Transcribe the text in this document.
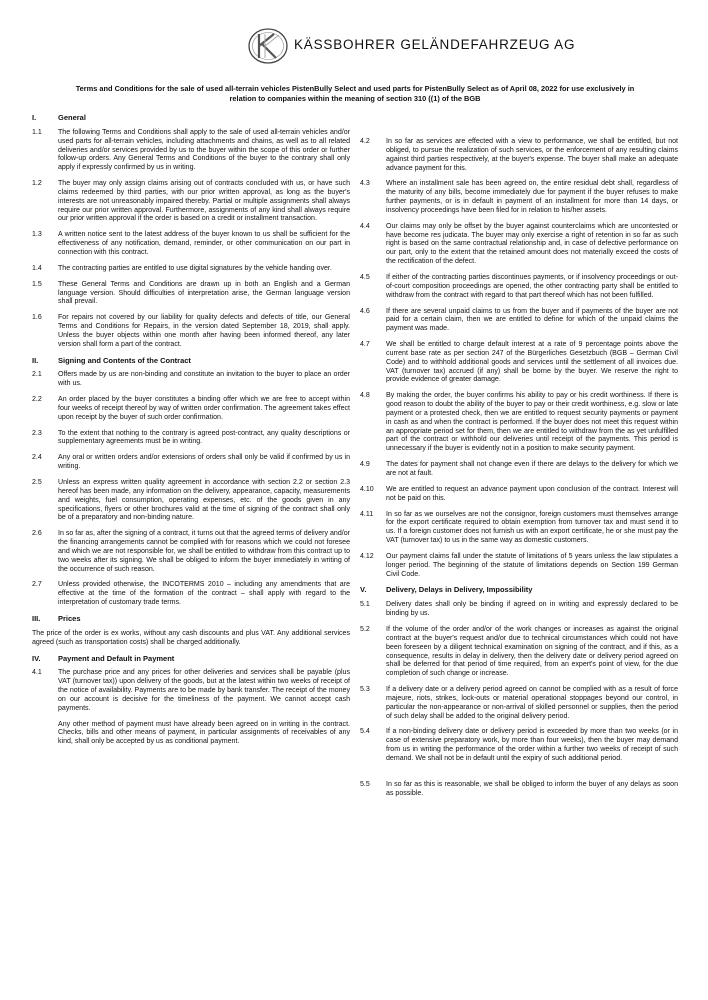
KÄSSBOHRER GELÄNDEFAHRZEUG AG
Terms and Conditions for the sale of used all-terrain vehicles PistenBully Select and used parts for PistenBully Select as of April 08, 2022 for use exclusively in relation to companies within the meaning of section 310 ((1) of the BGB
I.	General
1.1	The following Terms and Conditions shall apply to the sale of used all-terrain vehicles and/or used parts for all-terrain vehicles, including attachments and chains, as well as to all related deliveries and/or services provided by us to the buyer within the scope of this order or further follow-up orders. Any General Terms and Conditions of the buyer to the contrary shall only apply if expressly confirmed by us in writing.
1.2	The buyer may only assign claims arising out of contracts concluded with us, or have such claims redeemed by third parties, with our prior written approval, as long as the buyer's interests are not unreasonably impaired thereby. Partial or multiple assignments shall always require our prior written approval. Furthermore, assignments of any kind shall always require our prior written approval if the order is based on a credit or installment transaction.
1.3	A written notice sent to the latest address of the buyer known to us shall be sufficient for the effectiveness of any notification, demand, reminder, or other communication on our part in connection with this contract.
1.4	The contracting parties are entitled to use digital signatures by the vehicle handing over.
1.5	These General Terms and Conditions are drawn up in both an English and a German language version. Should difficulties of interpretation arise, the German language version shall prevail.
1.6	For repairs not covered by our liability for quality defects and defects of title, our General Terms and Conditions for Repairs, in the version dated September 18, 2019, shall apply. Unless the buyer objects within one month after having been informed thereof, any later version shall form a part of the contract.
II.	Signing and Contents of the Contract
2.1	Offers made by us are non-binding and constitute an invitation to the buyer to place an order with us.
2.2	An order placed by the buyer constitutes a binding offer which we are free to accept within four weeks of receipt thereof by way of written order confirmation. The agreement takes effect upon receipt by the buyer of such order confirmation.
2.3	To the extent that nothing to the contrary is agreed post-contract, any quality descriptions or supplementary agreements must be in writing.
2.4	Any oral or written orders and/or extensions of orders shall only be valid if confirmed by us in writing.
2.5	Unless an express written quality agreement in accordance with section 2.2 or section 2.3 hereof has been made, any information on the delivery, appearance, capacity, measurements and weights, fuel consumption, operating expenses, etc. of the goods given in any specifications, flyers or other brochures valid at the time of signing of the contract shall only be of a preparatory and non-binding nature.
2.6	In so far as, after the signing of a contract, it turns out that the agreed terms of delivery and/or the financing arrangements cannot be complied with for reasons which we could not foresee and which we are not responsible for, we shall be entitled to withdraw from this contract up to two weeks after its signing. We shall be obliged to inform the buyer immediately in writing of the occurrence of such reason.
2.7	Unless provided otherwise, the INCOTERMS 2010 – including any amendments that are effective at the time of the formation of the contract – shall apply with regard to the interpretation of customary trade terms.
III.	Prices
The price of the order is ex works, without any cash discounts and plus VAT. Any additional services agreed (such as transportation costs) shall be charged additionally.
IV.	Payment and Default in Payment
4.1	The purchase price and any prices for other deliveries and services shall be payable (plus VAT (turnover tax)) upon delivery of the goods, but at the latest within two weeks of receipt of the notice of availability. Payments are to be made by bank transfer. The receipt of the money on our account is decisive for the timeliness of the payment. We cannot accept cash payments.
Any other method of payment must have already been agreed on in writing in the contract. Checks, bills and other means of payment, in particular assignments of receivables of any kind, shall only be accepted by us as conditional payment.
4.2	In so far as services are effected with a view to performance, we shall be entitled, but not obliged, to pursue the realization of such services, or the enforcement of any resulting claims against third parties respectively, at the buyer's expense. The buyer shall make an adequate advance payment for this.
4.3	Where an installment sale has been agreed on, the entire residual debt shall, regardless of the maturity of any bills, become immediately due for payment if the buyer refuses to make further payments, or is in default in payment of an installment for more than 14 days, or insolvency proceedings have been filed for in relation to his/her assets.
4.4	Our claims may only be offset by the buyer against counterclaims which are uncontested or have become res judicata. The buyer may only exercise a right of retention in so far as such right is based on the same contractual relationship and, in case of defective performance on our part, only to the extent that the retained amount does not materially exceed the costs of the rectification of the defect.
4.5	If either of the contracting parties discontinues payments, or if insolvency proceedings or out-of-court composition proceedings are opened, the other contracting party shall be entitled to withdraw from the contract with regard to that part thereof which has not been fulfilled.
4.6	If there are several unpaid claims to us from the buyer and if payments of the buyer are not paid for a certain claim, then we are entitled to define for which of the unpaid claims the payment was made.
4.7	We shall be entitled to charge default interest at a rate of 9 percentage points above the current base rate as per section 247 of the Bürgerliches Gesetzbuch (BGB – German Civil Code) and to withhold additional goods and services until the settlement of all invoices due. VAT (turnover tax) accrued (if any) shall be borne by the buyer. We reserve the right to provide evidence of greater damage.
4.8	By making the order, the buyer confirms his ability to pay or his credit worthiness. If there is good reason to doubt the ability of the buyer to pay or their credit worthiness, e.g. slow or late payment or a protested check, then we are entitled to request security payments or payment in cash as and when the contract is performed. If the buyer does not meet this request within an appropriate period set for them, then we are entitled to withdraw from the as yet unfulfilled part of the contract or withhold our deliveries until receipt of the payments. This period is unnecessary if the buyer is evidently not in a position to make security payment.
4.9	The dates for payment shall not change even if there are delays to the delivery for which we are not at fault.
4.10	We are entitled to request an advance payment upon conclusion of the contract. Interest will not be paid on this.
4.11	In so far as we ourselves are not the consignor, foreign customers must themselves arrange for the export certificate required to obtain exemption from turnover tax and must send it to us. If a foreign customer does not furnish us with an export certificate, he or she must pay the VAT (turnover tax) to us in the same way as domestic customers.
4.12	Our payment claims fall under the statute of limitations of 5 years unless the law stipulates a longer period. The beginning of the statute of limitations depends on Section 199 German Civil Code.
V.	Delivery, Delays in Delivery, Impossibility
5.1	Delivery dates shall only be binding if agreed on in writing and expressly declared to be binding by us.
5.2	If the volume of the order and/or of the work changes or increases as against the original contract at the buyer's request and/or due to technical circumstances which could not have been foreseen by a diligent technical examination on signing of the contract, and if this, as a consequence, results in delay in delivery, then the delivery date or delivery period agreed on shall be deferred for that period of time required, from an expert's point of view, for the due completion of such change or increase.
5.3	If a delivery date or a delivery period agreed on cannot be complied with as a result of force majeure, riots, strikes, lock-outs or material operational stoppages beyond our control, in particular the non-appearance or non-arrival of skilled personnel or supplies, then the period of such delay shall be added to the original delivery period.
5.4	If a non-binding delivery date or delivery period is exceeded by more than two weeks (or in case of extensive preparatory work, by more than four weeks), then the buyer may demand from us in writing the performance of the order within a further two weeks of receipt of such demand. We shall not be in default until the expiry of such additional period.
5.5	In so far as this is reasonable, we shall be obliged to inform the buyer of any delays as soon as possible.
